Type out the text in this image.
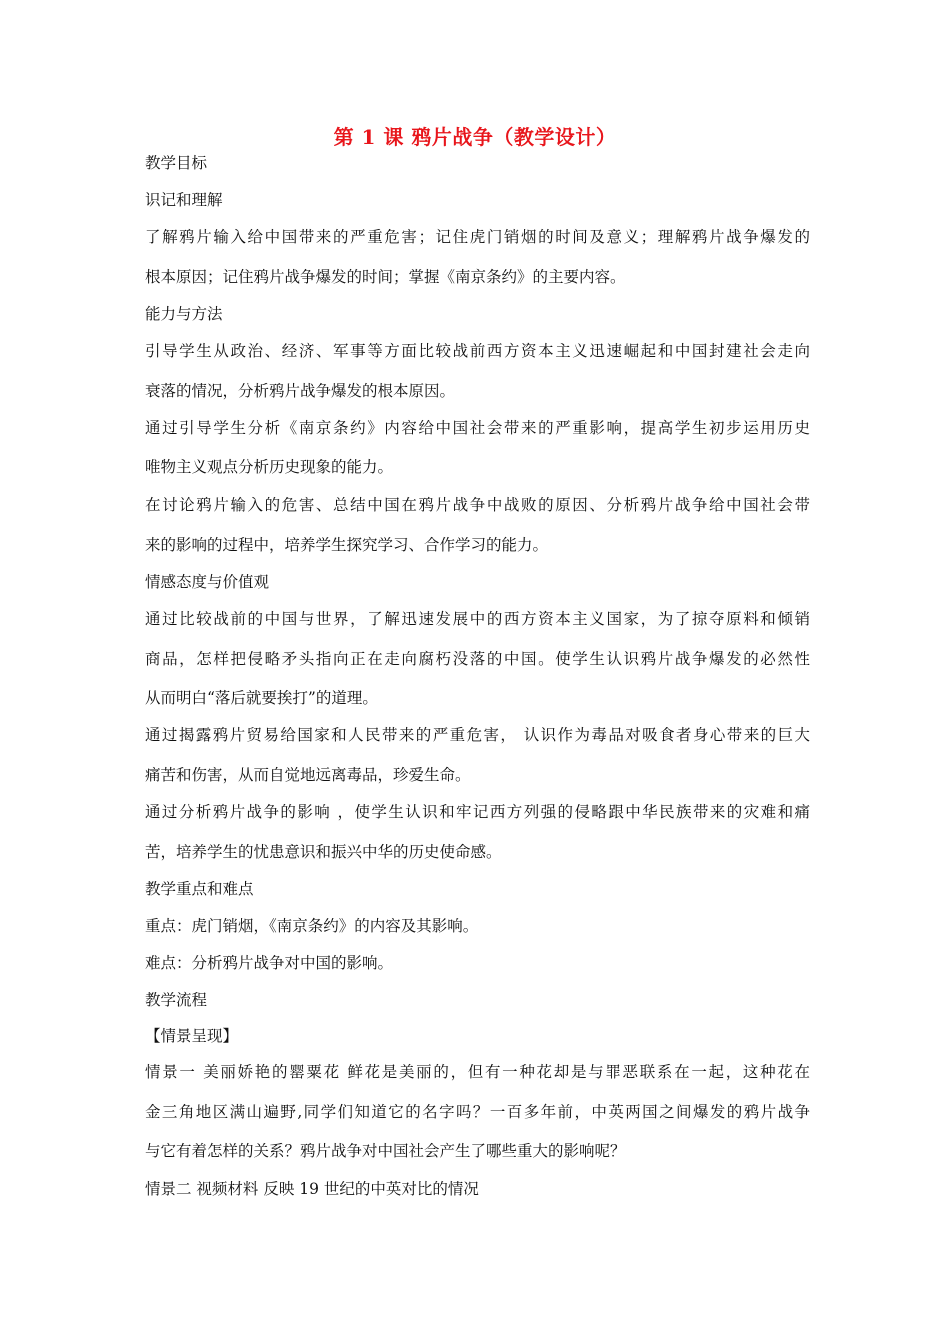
第 1 课 鸦片战争（教学设计）
教学目标
识记和理解
了解鸦片输入给中国带来的严重危害；记住虎门销烟的时间及意义；理解鸦片战争爆发的
根本原因；记住鸦片战争爆发的时间；掌握《南京条约》的主要内容。
能力与方法
引导学生从政治、经济、军事等方面比较战前西方资本主义迅速崛起和中国封建社会走向
衰落的情况，分析鸦片战争爆发的根本原因。
通过引导学生分析《南京条约》内容给中国社会带来的严重影响，提高学生初步运用历史
唯物主义观点分析历史现象的能力。
在讨论鸦片输入的危害、总结中国在鸦片战争中战败的原因、分析鸦片战争给中国社会带
来的影响的过程中，培养学生探究学习、合作学习的能力。
情感态度与价值观
通过比较战前的中国与世界，了解迅速发展中的西方资本主义国家，为了掠夺原料和倾销
商品，怎样把侵略矛头指向正在走向腐朽没落的中国。使学生认识鸦片战争爆发的必然性
从而明白“落后就要挨打”的道理。
通过揭露鸦片贸易给国家和人民带来的严重危害， 认识作为毒品对吸食者身心带来的巨大
痛苦和伤害，从而自觉地远离毒品，珍爱生命。
通过分析鸦片战争的影响 ，使学生认识和牢记西方列强的侵略跟中华民族带来的灾难和痛
苦，培养学生的忧患意识和振兴中华的历史使命感。
教学重点和难点
重点：虎门销烟，《南京条约》的内容及其影响。
难点：分析鸦片战争对中国的影响。
教学流程
【情景呈现】
情景一 美丽娇艳的罂粟花 鲜花是美丽的，但有一种花却是与罪恶联系在一起，这种花在
金三角地区满山遍野,同学们知道它的名字吗？一百多年前，中英两国之间爆发的鸦片战争
与它有着怎样的关系？鸦片战争对中国社会产生了哪些重大的影响呢？
情景二 视频材料 反映 19 世纪的中英对比的情况
